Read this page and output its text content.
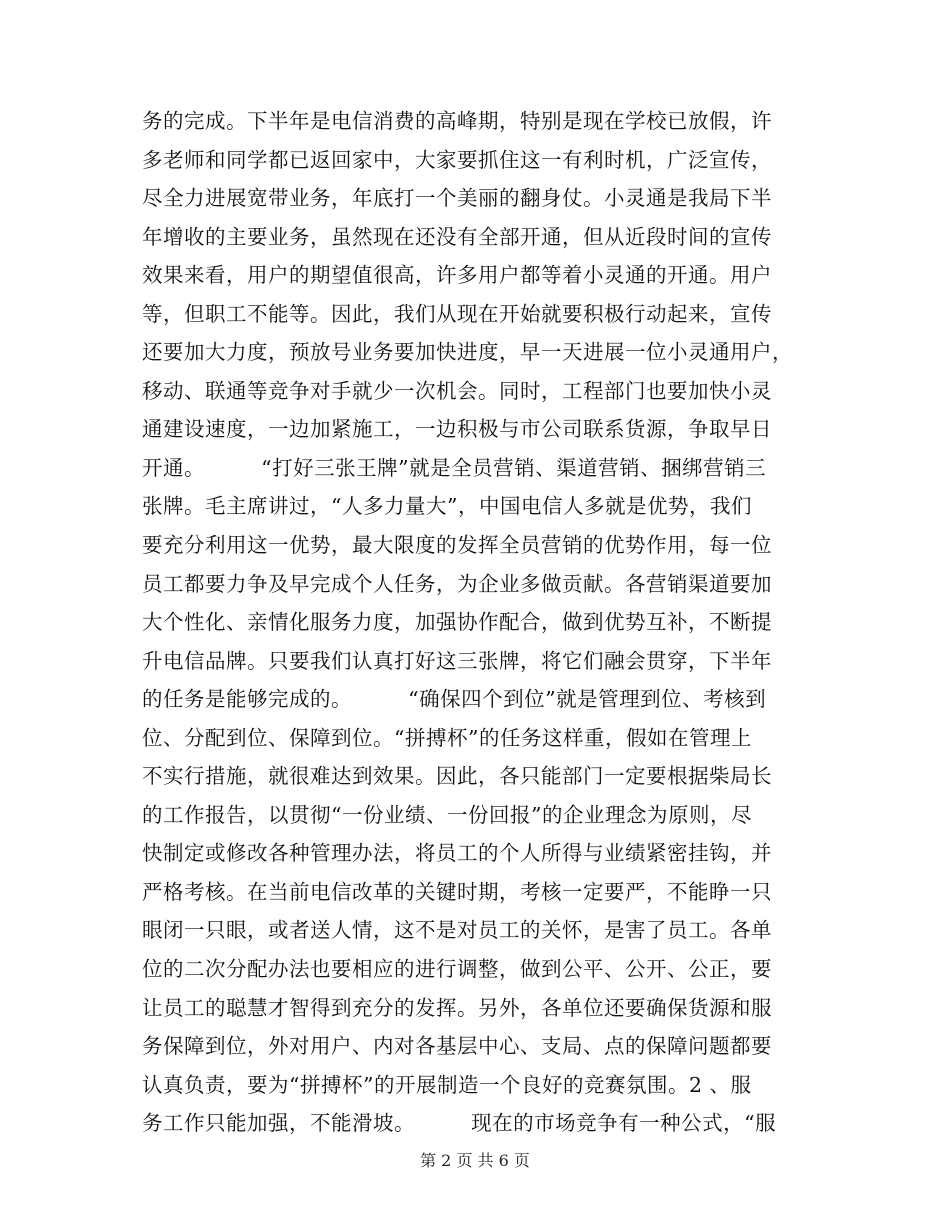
务的完成。下半年是电信消费的高峰期，特别是现在学校已放假，许
多老师和同学都已返回家中，大家要抓住这一有利时机，广泛宣传，
尽全力进展宽带业务，年底打一个美丽的翻身仗。小灵通是我局下半
年增收的主要业务，虽然现在还没有全部开通，但从近段时间的宣传
效果来看，用户的期望值很高，许多用户都等着小灵通的开通。用户
等，但职工不能等。因此，我们从现在开始就要积极行动起来，宣传
还要加大力度，预放号业务要加快进度，早一天进展一位小灵通用户，
移动、联通等竞争对手就少一次机会。同时，工程部门也要加快小灵
通建设速度，一边加紧施工，一边积极与市公司联系货源，争取早日
开通。        “打好三张王牌”就是全员营销、渠道营销、捆绑营销三
张牌。毛主席讲过，“人多力量大”，中国电信人多就是优势，我们
要充分利用这一优势，最大限度的发挥全员营销的优势作用，每一位
员工都要力争及早完成个人任务，为企业多做贡献。各营销渠道要加
大个性化、亲情化服务力度，加强协作配合，做到优势互补，不断提
升电信品牌。只要我们认真打好这三张牌，将它们融会贯穿，下半年
的任务是能够完成的。        “确保四个到位”就是管理到位、考核到
位、分配到位、保障到位。“拼搏杯”的任务这样重，假如在管理上
不实行措施，就很难达到效果。因此，各只能部门一定要根据柴局长
的工作报告，以贯彻“一份业绩、一份回报”的企业理念为原则，尽
快制定或修改各种管理办法，将员工的个人所得与业绩紧密挂钩，并
严格考核。在当前电信改革的关键时期，考核一定要严，不能睁一只
眼闭一只眼，或者送人情，这不是对员工的关怀，是害了员工。各单
位的二次分配办法也要相应的进行调整，做到公平、公开、公正，要
让员工的聪慧才智得到充分的发挥。另外，各单位还要确保货源和服
务保障到位，外对用户、内对各基层中心、支局、点的保障问题都要
认真负责，要为“拼搏杯”的开展制造一个良好的竞赛氛围。2 、服
务工作只能加强，不能滑坡。        现在的市场竞争有一种公式，“服
第 2 页 共 6 页
